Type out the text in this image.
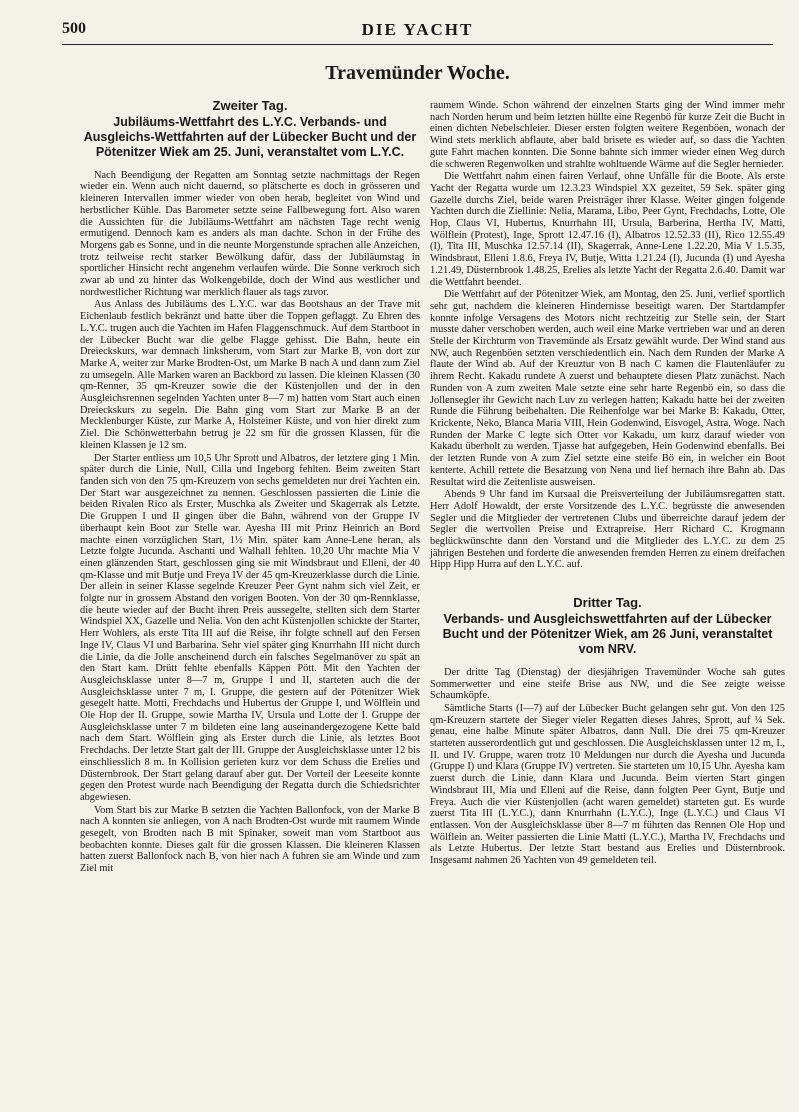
500	DIE YACHT
Travemünder Woche.
Zweiter Tag.
Jubiläums-Wettfahrt des L.Y.C. Verbands- und Ausgleichs-Wettfahrten auf der Lübecker Bucht und der Pötenitzer Wiek am 25. Juni, veranstaltet vom L.Y.C.

Nach Beendigung der Regatten am Sonntag setzte nachmittags der Regen wieder ein. Wenn auch nicht dauernd, so plätscherte es doch in grösseren und kleineren Intervallen immer wieder von oben herab, begleitet von Wind und herbstlicher Kühle. Das Barometer setzte seine Fallbewegung fort. Also waren die Aussichten für die Jubiläums-Wettfahrt am nächsten Tage recht wenig ermutigend. Dennoch kam es anders als man dachte. Schon in der Frühe des Morgens gab es Sonne, und in die neunte Morgenstunde sprachen alle Anzeichen, trotz teilweise recht starker Bewölkung dafür, dass der Jubiläumstag in sportlicher Hinsicht recht angenehm verlaufen würde. Die Sonne verkroch sich zwar ab und zu hinter das Wolkengebilde, doch der Wind aus westlicher und nordwestlicher Richtung war merklich flauer als tags zuvor.

Aus Anlass des Jubiläums des L.Y.C. war das Bootshaus an der Trave mit Eichenlaub festlich bekränzt und hatte über die Toppen geflaggt. Zu Ehren des L.Y.C. trugen auch die Yachten im Hafen Flaggenschmuck. Auf dem Startboot in der Lübecker Bucht war die gelbe Flagge gehisst. Die Bahn, heute ein Dreieckskurs, war demnach linksherum, vom Start zur Marke B, von dort zur Marke A, weiter zur Marke Brodten-Ost, um Marke B nach A und dann zum Ziel zu umsegeln. Alle Marken waren an Backbord zu lassen. Die kleinen Klassen (30 qm-Renner, 35 qm-Kreuzer sowie die der Küstenjollen und der in den Ausgleichsrennen segelnden Yachten unter 8—7 m) hatten vom Start auch einen Dreieckskurs zu segeln. Die Bahn ging vom Start zur Marke B an der Mecklenburger Küste, zur Marke A, Holsteiner Küste, und von hier direkt zum Ziel. Die Schönwetterbahn betrug je 22 sm für die grossen Klassen, für die kleinen Klassen je 12 sm.

Der Starter entliess um 10,5 Uhr Sprott und Albatros, der letztere ging 1 Min. später durch die Linie, Null, Cilla und Ingeborg fehlten. Beim zweiten Start fanden sich von den 75 qm-Kreuzern von sechs gemeldeten nur drei Yachten ein. Der Start war ausgezeichnet zu nennen. Geschlossen passierten die Linie die beiden Rivalen Rico als Erster, Muschka als Zweiter und Skagerrak als Letzte. Die Gruppen I und II gingen über die Bahn, während von der Gruppe IV überhaupt kein Boot zur Stelle war. Ayesha III mit Prinz Heinrich an Bord machte einen vorzüglichen Start, 1½ Min. später kam Anne-Lene heran, als Letzte folgte Jucunda. Aschanti und Walhall fehlten. 10,20 Uhr machte Mia V einen glänzenden Start, geschlossen ging sie mit Windsbraut und Elleni, der 40 qm-Klasse und mit Butje und Freya IV der 45 qm-Kreuzerklasse durch die Linie. Der allein in seiner Klasse segelnde Kreuzer Peer Gynt nahm sich viel Zeit, er folgte nur in grossem Abstand den vorigen Booten. Von der 30 qm-Rennklasse, die heute wieder auf der Bucht ihren Preis aussegelte, stellten sich dem Starter Windspiel XX, Gazelle und Nelia. Von den acht Küstenjollen schickte der Starter, Herr Wohlers, als erste Tita III auf die Reise, ihr folgte schnell auf den Fersen Inge IV, Claus VI und Barbarina. Sehr viel später ging Knurrhahn III nicht durch die Linie, da die Jolle anscheinend durch ein falsches Segelmanöver zu spät an den Start kam. Drütt fehlte ebenfalls Käppen Pött. Mit den Yachten der Ausgleichsklasse unter 8—7 m, Gruppe I und II, starteten auch die der Ausgleichsklasse unter 7 m, I. Gruppe, die gestern auf der Pötenitzer Wiek gesegelt hatte. Motti, Frechdachs und Hubertus der Gruppe I, und Wölflein und Ole Hop der II. Gruppe, sowie Martha IV, Ursula und Lotte der I. Gruppe der Ausgleichsklasse unter 7 m bildeten eine lang auseinandergezogene Kette bald nach dem Start. Wölflein ging als Erster durch die Linie, als letztes Boot Frechdachs. Der letzte Start galt der III. Gruppe der Ausgleichsklasse unter 12 bis einschliesslich 8 m. In Kollision gerieten kurz vor dem Schuss die Erelies und Düsternbrook. Der Start gelang darauf aber gut. Der Vorteil der Leeseite konnte gegen den Protest wurde nach Beendigung der Regatta durch die Schiedsrichter abgewiesen.

Vom Start bis zur Marke B setzten die Yachten Ballonfock, von der Marke B nach A konnten sie anliegen, von A nach Brodten-Ost wurde mit raumem Winde gesegelt, von Brodten nach B mit Spinaker, soweit man vom Startboot aus beobachten konnte. Dieses galt für die grossen Klassen. Die kleineren Klassen hatten zuerst Ballonfock nach B, von hier nach A fuhren sie am Winde und zum Ziel mit

raumem Winde. Schon während der einzelnen Starts ging der Wind immer mehr nach Norden herum und beim letzten hüllte eine Regenbö für kurze Zeit die Bucht in einen dichten Nebelschleier. Dieser ersten folgten weitere Regenböen, wonach der Wind stets merklich abflaute, aber bald brisete es wieder auf, so dass die Yachten gute Fahrt machen konnten. Die Sonne bahnte sich immer wieder einen Weg durch die schweren Regenwolken und strahlte wohltuende Wärme auf die Segler hernieder.

Die Wettfahrt nahm einen fairen Verlauf, ohne Unfälle für die Boote. Als erste Yacht der Regatta wurde um 12.3.23 Windspiel XX gezeitet, 59 Sek. später ging Gazelle durchs Ziel, beide waren Preisträger ihrer Klasse. Weiter gingen folgende Yachten durch die Ziellinie: Nelia, Marama, Libo, Peer Gynt, Frechdachs, Lotte, Ole Hop, Claus VI, Hubertus, Knurrhahn III, Ursula, Barberina, Hertha IV, Matti, Wölflein (Protest), Inge, Sprott 12.47.16 (I), Albatros 12.52.33 (II), Rico 12.55.49 (I), Tita III, Muschka 12.57.14 (II), Skagerrak, Anne-Lene 1.22.20, Mia V 1.5.35, Windsbraut, Elleni 1.8.6, Freya IV, Butje, Witta 1.21.24 (I), Jucunda (I) und Ayesha 1.21.49, Düsternbrook 1.48.25, Erelies als letzte Yacht der Regatta 2.6.40. Damit war die Wettfahrt beendet.

Die Wettfahrt auf der Pötenitzer Wiek, am Montag, den 25. Juni, verlief sportlich sehr gut, nachdem die kleineren Hindernisse beseitigt waren. Der Startdampfer konnte infolge Versagens des Motors nicht rechtzeitig zur Stelle sein, der Start musste daher verschoben werden, auch weil eine Marke vertrieben war und an deren Stelle der Kirchturm von Travemünde als Ersatz gewählt wurde. Der Wind stand aus NW, auch Regenböen setzten verschiedentlich ein. Nach dem Runden der Marke A flaute der Wind ab. Auf der Kreuztur von B nach C kamen die Flautenläufer zu ihrem Recht. Kakadu rundete A zuerst und behauptete diesen Platz zunächst. Nach Runden von A zum zweiten Male setzte eine sehr harte Regenbö ein, so dass die Jollensegler ihr Gewicht nach Luv zu verlegen hatten; Kakadu hatte bei der zweiten Runde die Führung beibehalten. Die Reihenfolge war bei Marke B: Kakadu, Otter, Krickente, Neko, Blanca Maria VIII, Hein Godenwind, Eisvogel, Astra, Woge. Nach Runden der Marke C legte sich Otter vor Kakadu, um kurz darauf wieder von Kakadu überholt zu werden. Tjasse hat aufgegeben, Hein Godenwind ebenfalls. Bei der letzten Runde von A zum Ziel setzte eine steife Bö ein, in welcher ein Boot kenterte. Achill rettete die Besatzung von Nena und lief hernach ihre Bahn ab. Das Resultat wird die Zeitenliste ausweisen.

Abends 9 Uhr fand im Kursaal die Preisverteilung der Jubiläumsregatten statt. Herr Adolf Howaldt, der erste Vorsitzende des L.Y.C. begrüsste die anwesenden Segler und die Mitglieder der vertretenen Clubs und überreichte darauf jedem der Segler die wertvollen Preise und Extrapreise. Herr Richard C. Krogmann beglückwünschte dann den Vorstand und die Mitglieder des L.Y.C. zu dem 25 jährigen Bestehen und forderte die anwesenden fremden Herren zu einem dreifachen Hipp Hipp Hurra auf den L.Y.C. auf.

Dritter Tag.
Verbands- und Ausgleichswettfahrten auf der Lübecker Bucht und der Pötenitzer Wiek, am 26 Juni, veranstaltet vom NRV.

Der dritte Tag (Dienstag) der diesjährigen Travemünder Woche sah gutes Sommerwetter und eine steife Brise aus NW, und die See zeigte weisse Schaumköpfe.

Sämtliche Starts (I—7) auf der Lübecker Bucht gelangen sehr gut. Von den 125 qm-Kreuzern startete der Sieger vieler Regatten dieses Jahres, Sprott, auf ¼ Sek. genau, eine halbe Minute später Albatros, dann Null. Die drei 75 qm-Kreuzer starteten ausserordentlich gut und geschlossen. Die Ausgleichsklassen unter 12 m, I., II. und IV. Gruppe, waren trotz 10 Meldungen nur durch die Ayesha und Jucunda (Gruppe I) und Klara (Gruppe IV) vertreten. Sie starteten um 10,15 Uhr. Ayesha kam zuerst durch die Linie, dann Klara und Jucunda. Beim vierten Start gingen Windsbraut III, Mia und Elleni auf die Reise, dann folgten Peer Gynt, Butje und Freya. Auch die vier Küstenjollen (acht waren gemeldet) starteten gut. Es wurde zuerst Tita III (L.Y.C.), dann Knurrhahn (L.Y.C.), Inge (L.Y.C.) und Claus VI entlassen. Von der Ausgleichsklasse über 8—7 m führten das Rennen Ole Hop und Wölflein an. Weiter passierten die Linie Matti (L.Y.C.), Martha IV, Frechdachs und als Letzte Hubertus. Der letzte Start bestand aus Erelies und Düsternbrook. Insgesamt nahmen 26 Yachten von 49 gemeldeten teil.
